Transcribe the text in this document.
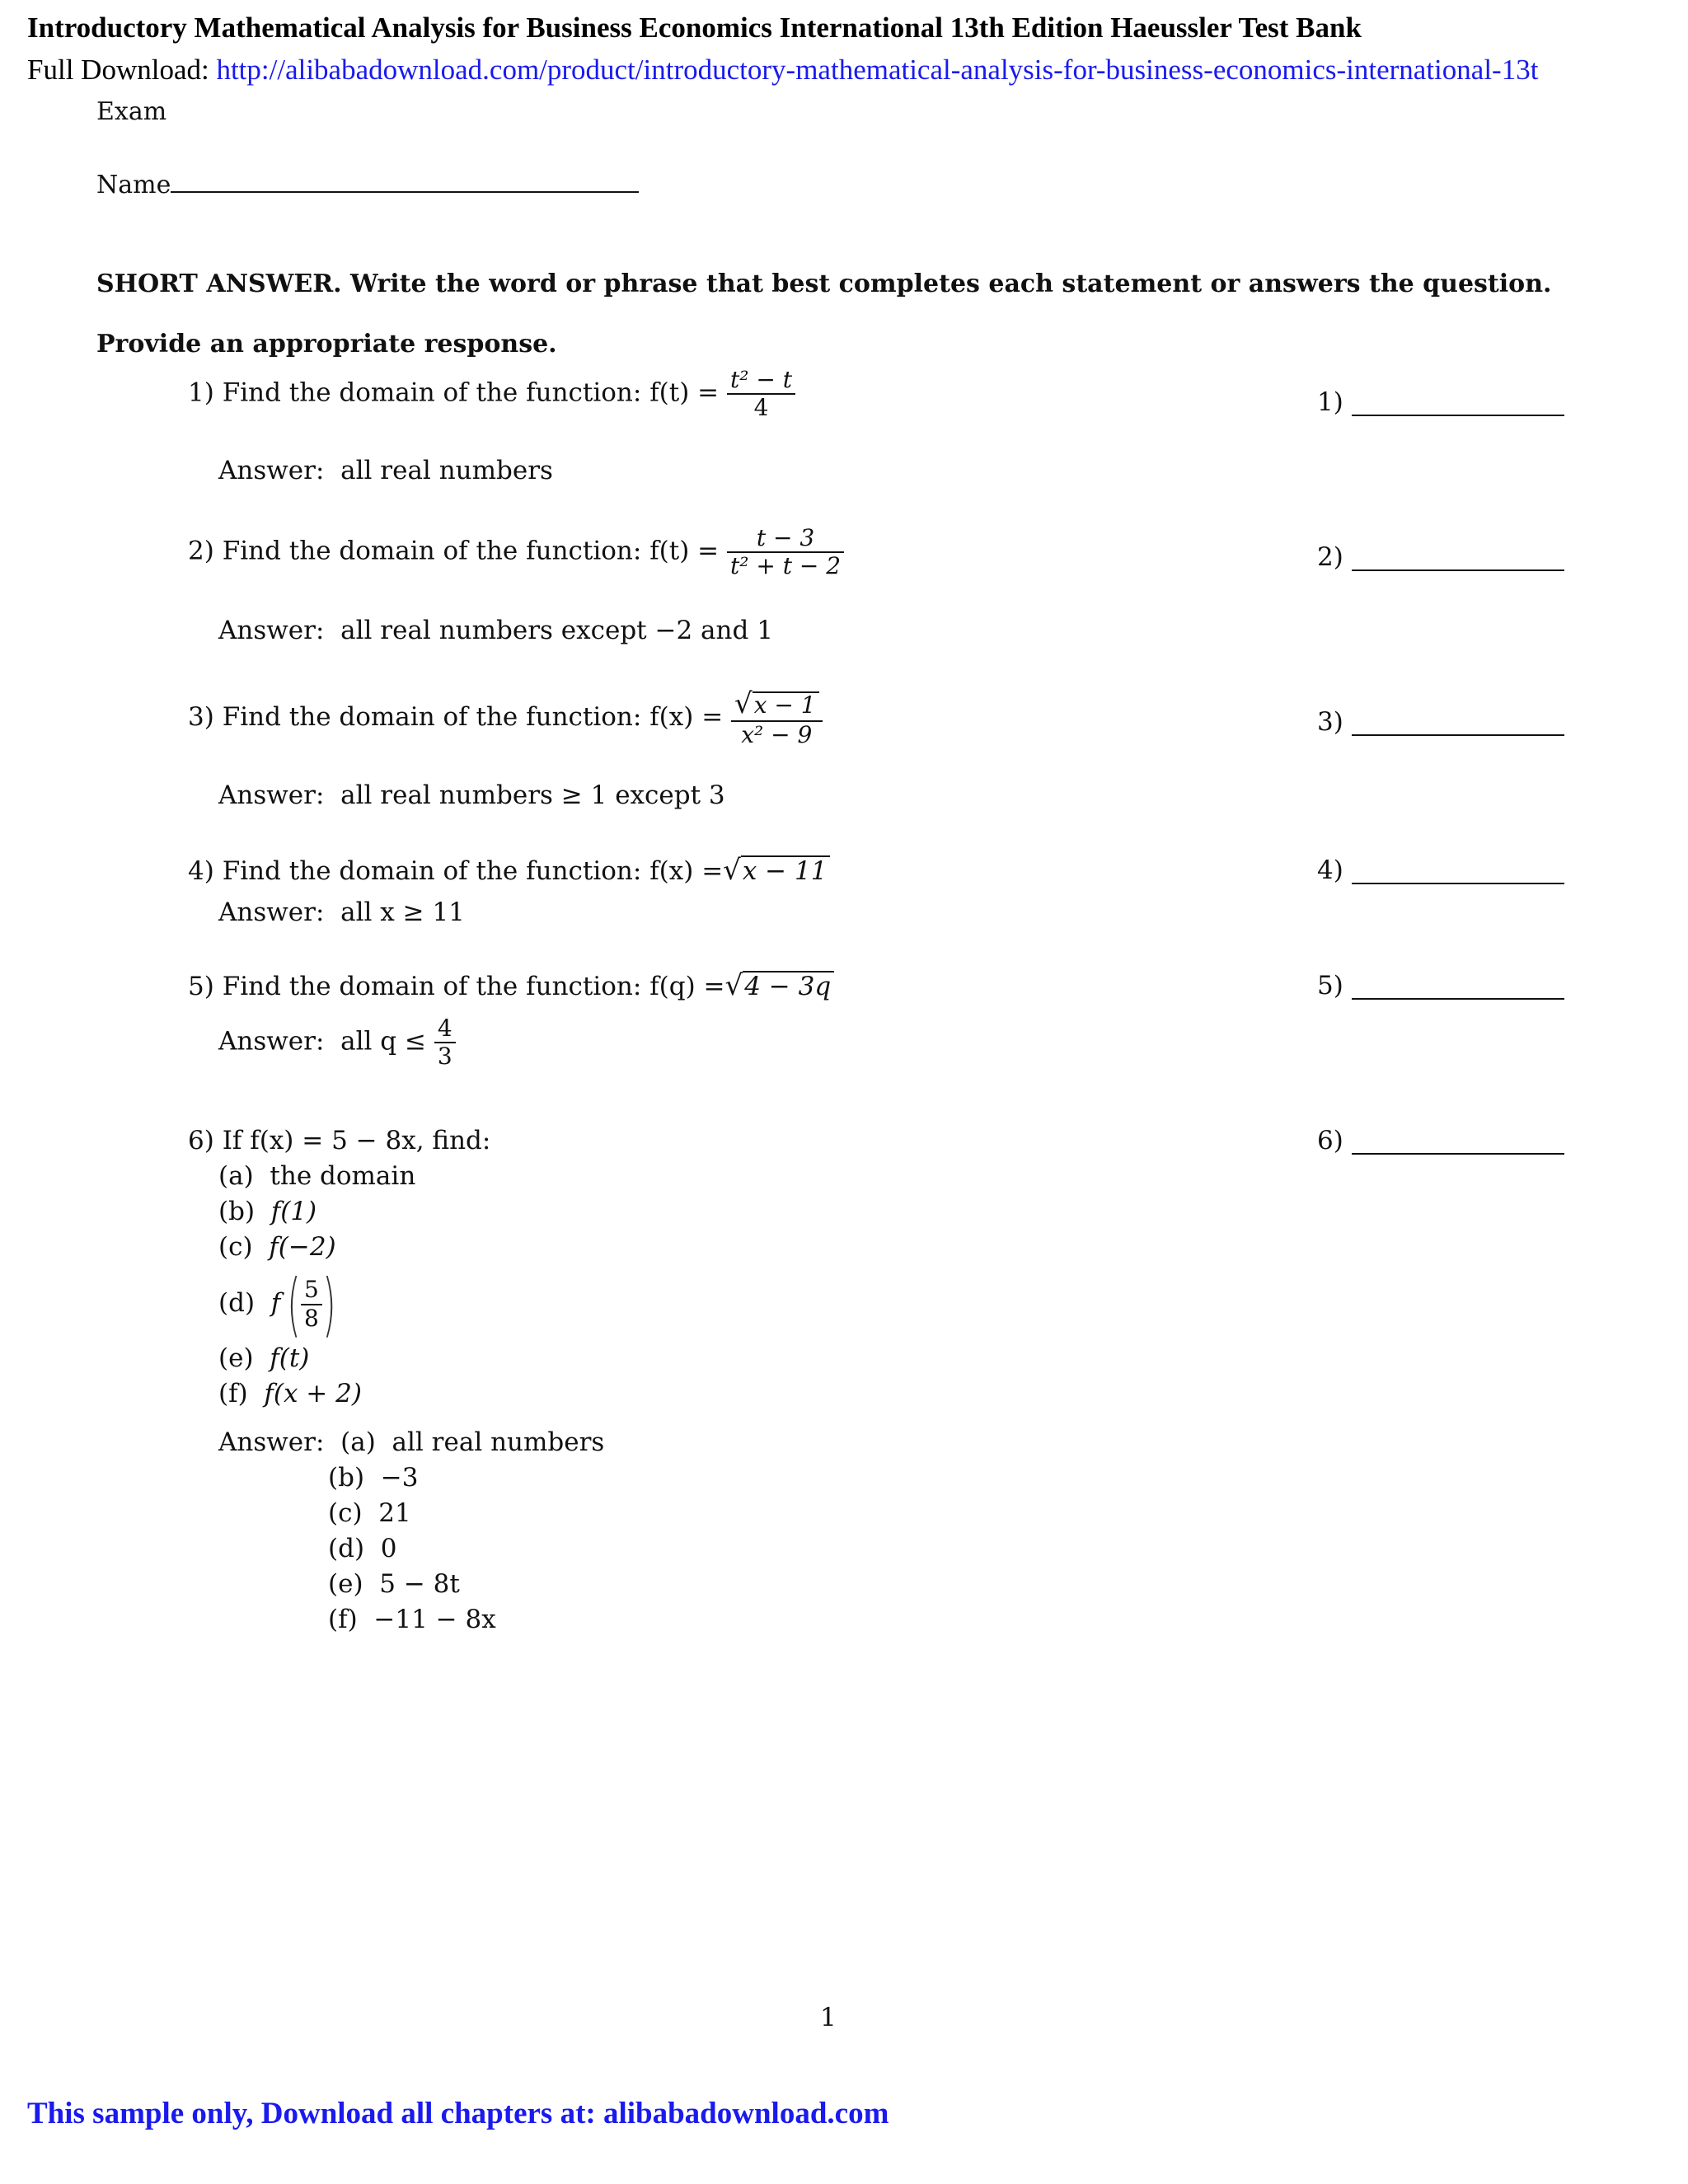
Introductory Mathematical Analysis for Business Economics International 13th Edition Haeussler Test Bank
Full Download: http://alibabadownload.com/product/introductory-mathematical-analysis-for-business-economics-international-13t
Exam
Name
SHORT ANSWER. Write the word or phrase that best completes each statement or answers the question.
Provide an appropriate response.
1) Find the domain of the function: $f(t) = \frac{\text{t² − t}}{4}$	1)
Answer: all real numbers
2) Find the domain of the function: $f(t) = \frac{t - 3}{\text{t² + t − 2}}$	2)
Answer: all real numbers except −2 and 1
3) Find the domain of the function: $f(x) = \frac{√x - 1}{\text{x² − 9}}$	3)
Answer: all real numbers ≥ 1 except 3
4) Find the domain of the function: f(x) =√x − 11	4)
Answer: all x ≥ 11
5) Find the domain of the function: f(q) =√4 − 3q	5)
Answer: all $q \le \frac{4}{3}$
6) If f(x) = 5 − 8x, find:	6)
(a) the domain
(b) f(1)
(c) f(−2)
(d) $f( \frac{5}{8}$ )
(e) f(t)
(f) f(x + 2)
Answer: (a) all real numbers
(b) −3
(c) 21
(d) 0
(e) 5 − 8t
(f) −11 − 8x
1
This sample only, Download all chapters at: alibabadownload.com
